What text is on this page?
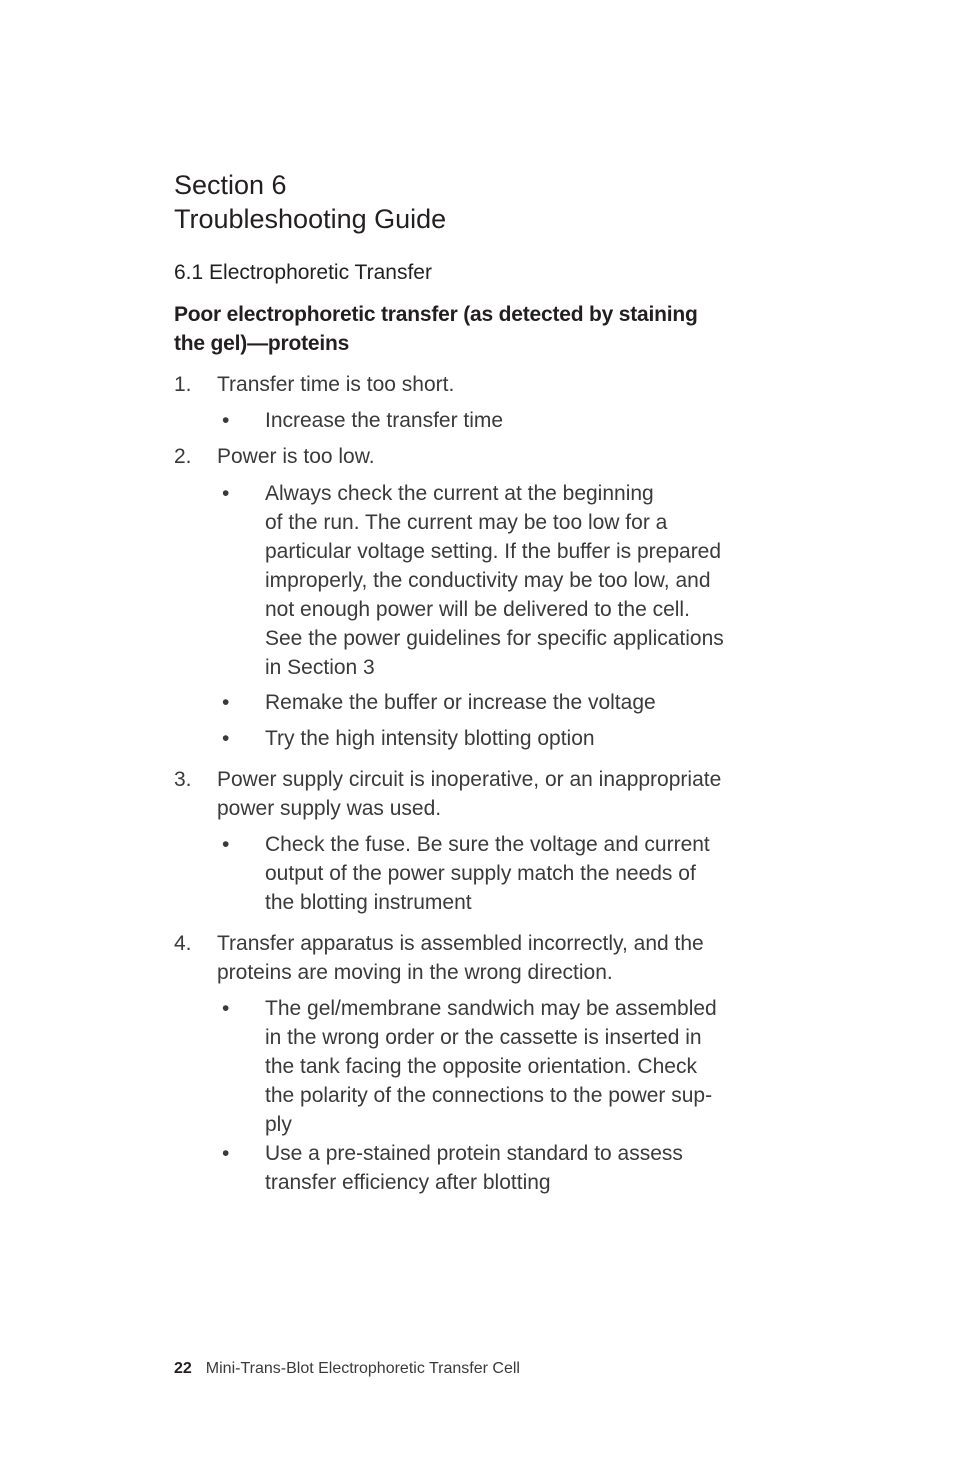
Section 6
Troubleshooting Guide
6.1 Electrophoretic Transfer
Poor electrophoretic transfer (as detected by staining
the gel)—proteins
1. Transfer time is too short.
• Increase the transfer time
2. Power is too low.
• Always check the current at the beginning
of the run. The current may be too low for a
particular voltage setting. If the buffer is prepared
improperly, the conductivity may be too low, and
not enough power will be delivered to the cell.
See the power guidelines for specific applications
in Section 3
• Remake the buffer or increase the voltage
• Try the high intensity blotting option
3. Power supply circuit is inoperative, or an inappropriate
power supply was used.
• Check the fuse. Be sure the voltage and current
output of the power supply match the needs of
the blotting instrument
4. Transfer apparatus is assembled incorrectly, and the
proteins are moving in the wrong direction.
• The gel/membrane sandwich may be assembled
in the wrong order or the cassette is inserted in
the tank facing the opposite orientation. Check
the polarity of the connections to the power sup-
ply
• Use a pre-stained protein standard to assess
transfer efficiency after blotting
22 Mini-Trans-Blot Electrophoretic Transfer Cell
